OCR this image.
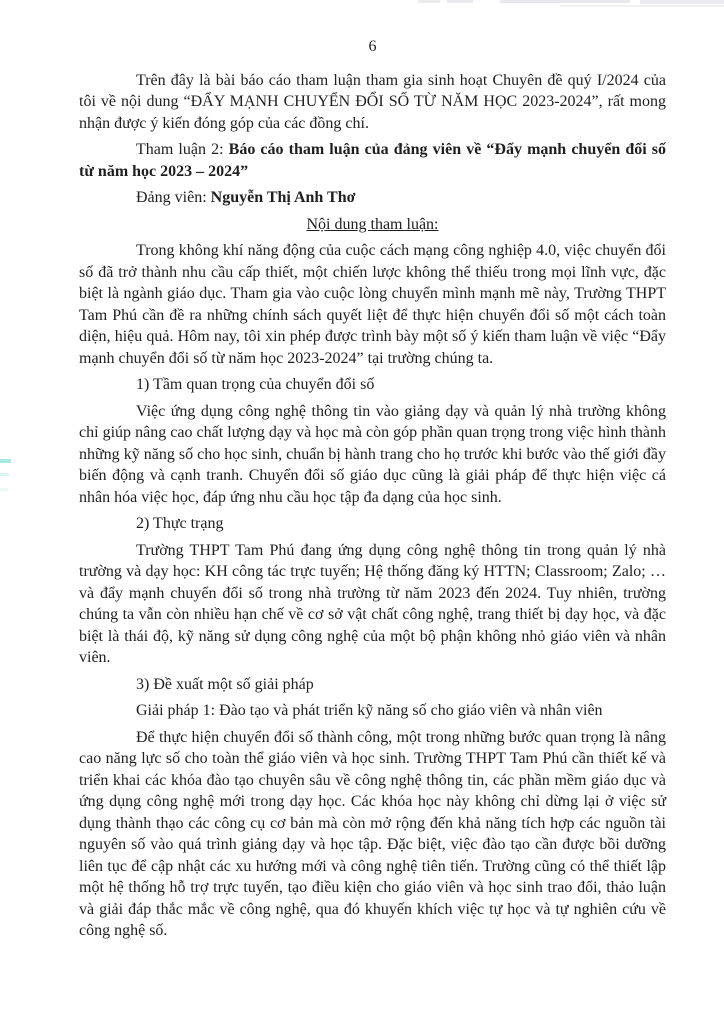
6

Trên đây là bài báo cáo tham luận tham gia sinh hoạt Chuyên đề quý I/2024 của tôi về nội dung “ĐẨY MẠNH CHUYỂN ĐỔI SỐ TỪ NĂM HỌC 2023-2024”, rất mong nhận được ý kiến đóng góp của các đồng chí.

Tham luận 2: Báo cáo tham luận của đảng viên về “Đẩy mạnh chuyển đổi số từ năm học 2023 – 2024”

Đảng viên: Nguyễn Thị Anh Thơ

Nội dung tham luận:

Trong không khí năng động của cuộc cách mạng công nghiệp 4.0, việc chuyển đổi số đã trở thành nhu cầu cấp thiết, một chiến lược không thể thiếu trong mọi lĩnh vực, đặc biệt là ngành giáo dục. Tham gia vào cuộc lòng chuyển mình mạnh mẽ này, Trường THPT Tam Phú cần đề ra những chính sách quyết liệt để thực hiện chuyển đổi số một cách toàn diện, hiệu quả. Hôm nay, tôi xin phép được trình bày một số ý kiến tham luận về việc “Đẩy mạnh chuyển đổi số từ năm học 2023-2024” tại trường chúng ta.

1) Tầm quan trọng của chuyển đổi số

Việc ứng dụng công nghệ thông tin vào giảng dạy và quản lý nhà trường không chỉ giúp nâng cao chất lượng dạy và học mà còn góp phần quan trọng trong việc hình thành những kỹ năng số cho học sinh, chuẩn bị hành trang cho họ trước khi bước vào thế giới đầy biến động và cạnh tranh. Chuyển đổi số giáo dục cũng là giải pháp để thực hiện việc cá nhân hóa việc học, đáp ứng nhu cầu học tập đa dạng của học sinh.

2) Thực trạng

Trường THPT Tam Phú đang ứng dụng công nghệ thông tin trong quản lý nhà trường và dạy học: KH công tác trực tuyến; Hệ thống đăng ký HTTN; Classroom; Zalo; … và đẩy mạnh chuyển đổi số trong nhà trường từ năm 2023 đến 2024. Tuy nhiên, trường chúng ta vẫn còn nhiều hạn chế về cơ sở vật chất công nghệ, trang thiết bị dạy học, và đặc biệt là thái độ, kỹ năng sử dụng công nghệ của một bộ phận không nhỏ giáo viên và nhân viên.

3) Đề xuất một số giải pháp

Giải pháp 1: Đào tạo và phát triển kỹ năng số cho giáo viên và nhân viên

Để thực hiện chuyển đổi số thành công, một trong những bước quan trọng là nâng cao năng lực số cho toàn thể giáo viên và học sinh. Trường THPT Tam Phú cần thiết kế và triển khai các khóa đào tạo chuyên sâu về công nghệ thông tin, các phần mềm giáo dục và ứng dụng công nghệ mới trong dạy học. Các khóa học này không chỉ dừng lại ở việc sử dụng thành thạo các công cụ cơ bản mà còn mở rộng đến khả năng tích hợp các nguồn tài nguyên số vào quá trình giảng dạy và học tập. Đặc biệt, việc đào tạo cần được bồi dưỡng liên tục để cập nhật các xu hướng mới và công nghệ tiên tiến. Trường cũng có thể thiết lập một hệ thống hỗ trợ trực tuyến, tạo điều kiện cho giáo viên và học sinh trao đổi, thảo luận và giải đáp thắc mắc về công nghệ, qua đó khuyến khích việc tự học và tự nghiên cứu về công nghệ số.
